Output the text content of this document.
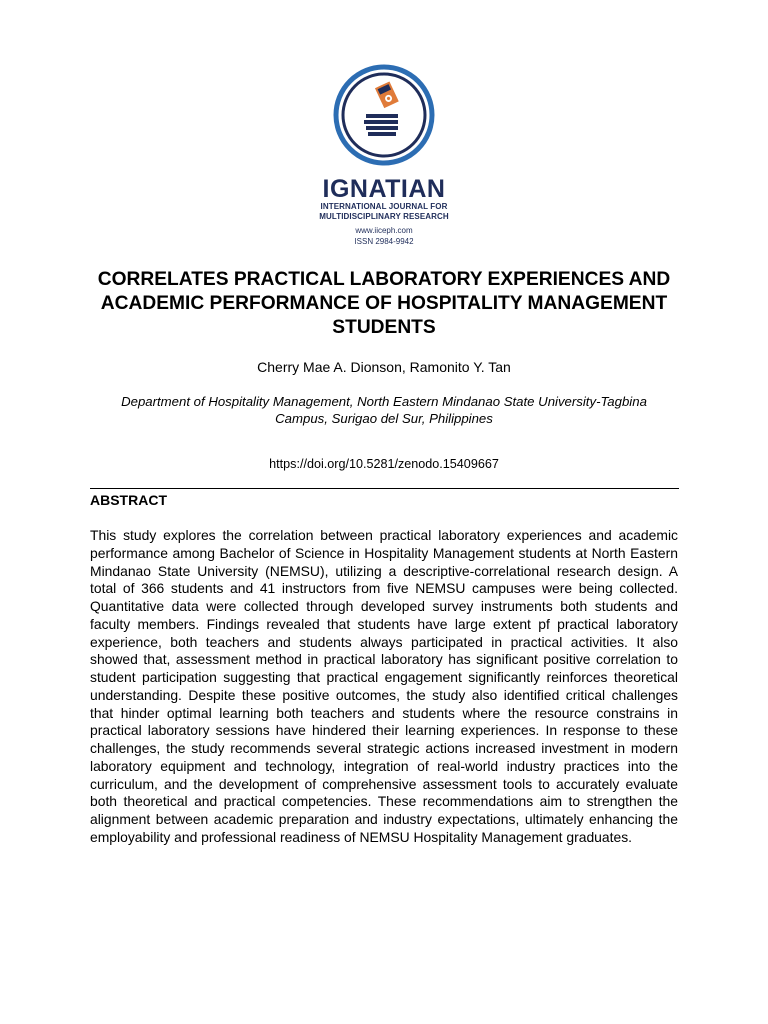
IGNATIAN
INTERNATIONAL JOURNAL FOR
MULTIDISCIPLINARY RESEARCH
www.iiceph.com
ISSN 2984-9942
CORRELATES PRACTICAL LABORATORY EXPERIENCES AND ACADEMIC PERFORMANCE OF HOSPITALITY MANAGEMENT STUDENTS
Cherry Mae A. Dionson, Ramonito Y. Tan
Department of Hospitality Management, North Eastern Mindanao State University-Tagbina Campus, Surigao del Sur, Philippines
https://doi.org/10.5281/zenodo.15409667
ABSTRACT

This study explores the correlation between practical laboratory experiences and academic performance among Bachelor of Science in Hospitality Management students at North Eastern Mindanao State University (NEMSU), utilizing a descriptive-correlational research design. A total of 366 students and 41 instructors from five NEMSU campuses were being collected. Quantitative data were collected through developed survey instruments both students and faculty members. Findings revealed that students have large extent pf practical laboratory experience, both teachers and students always participated in practical activities. It also showed that, assessment method in practical laboratory has significant positive correlation to student participation suggesting that practical engagement significantly reinforces theoretical understanding. Despite these positive outcomes, the study also identified critical challenges that hinder optimal learning both teachers and students where the resource constrains in practical laboratory sessions have hindered their learning experiences. In response to these challenges, the study recommends several strategic actions increased investment in modern laboratory equipment and technology, integration of real-world industry practices into the curriculum, and the development of comprehensive assessment tools to accurately evaluate both theoretical and practical competencies. These recommendations aim to strengthen the alignment between academic preparation and industry expectations, ultimately enhancing the employability and professional readiness of NEMSU Hospitality Management graduates.
